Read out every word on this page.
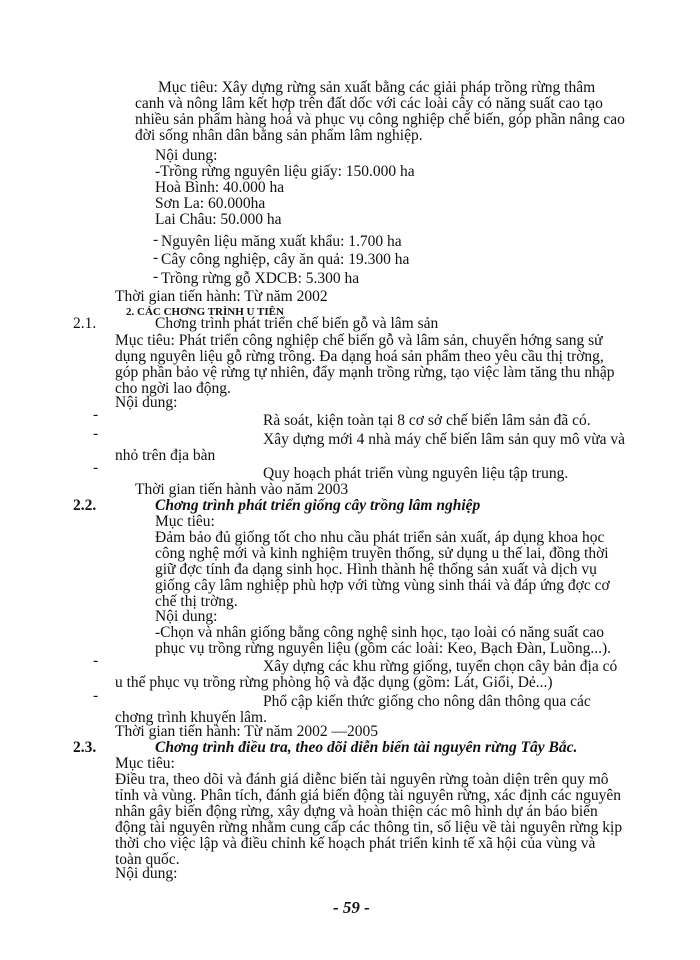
Mục tiêu: Xây dựng rừng sản xuất bằng các giải pháp trồng rừng thâm
canh và nông lâm kết hợp trên đất dốc với các loài cây có năng suất cao tạo
nhiều sản phẩm hàng hoá và phục vụ công nghiệp chế biến, góp phần nâng cao
đời sống nhân dân bằng sản phẩm lâm nghiệp.
Nội dung:
-Trồng rừng nguyên liệu giấy: 150.000 ha
Hoà Bình: 40.000 ha
Sơn La: 60.000ha
Lai Châu: 50.000 ha
- Nguyên liệu măng xuất khẩu: 1.700 ha
- Cây công nghiệp, cây ăn quả: 19.300 ha
- Trồng rừng gỗ XDCB: 5.300 ha
Thời gian tiến hành: Từ năm 2002
2. CÁC CHƠNG TRÌNH U TIÊN
2.1.	Chơng trình phát triển chế biến gỗ và lâm sản
Mục tiêu: Phát triển công nghiệp chế biến gỗ và lâm sản, chuyển hớng sang sử
dụng nguyên liệu gỗ rừng trồng. Đa dạng hoá sản phẩm theo yêu cầu thị trờng,
góp phần bảo vệ rừng tự nhiên, đẩy mạnh trồng rừng, tạo việc làm tăng thu nhập
cho ngời lao động.
Nội dung:
-	Rà soát, kiện toàn tại 8 cơ sở chế biến lâm sản đã có.
-	Xây dựng mới 4 nhà máy chế biến lâm sản quy mô vừa và
nhỏ trên địa bàn
-	Quy hoạch phát triển vùng nguyên liệu tập trung.
Thời gian tiến hành vào năm 2003
2.2.	Chơng trình phát triển giống cây trồng lâm nghiệp
Mục tiêu:
Đảm bảo đủ giống tốt cho nhu cầu phát triển sản xuất, áp dụng khoa học
công nghệ mới và kinh nghiệm truyền thống, sử dụng u thế lai, đồng thời
giữ đợc tính đa dạng sinh học. Hình thành hệ thống sản xuất và dịch vụ
giống cây lâm nghiệp phù hợp với từng vùng sinh thái và đáp ứng đợc cơ
chế thị trờng.
Nội dung:
-Chọn và nhân giống bằng công nghệ sinh học, tạo loài có năng suất cao
phục vụ trồng rừng nguyên liệu (gồm các loài: Keo, Bạch Đàn, Luồng...).
-	Xây dựng các khu rừng giống, tuyển chọn cây bản địa có
u thế phục vụ trồng rừng phòng hộ và đặc dụng (gồm: Lát, Giổi, Dẻ...)
-	Phổ cập kiến thức giống cho nông dân thông qua các
chơng trình khuyến lâm.
Thời gian tiến hành: Từ năm 2002 —2005
2.3.	Chơng trình điều tra, theo dõi diễn biến tài nguyên rừng Tây Bắc.
Mục tiêu:
Điều tra, theo dõi và đánh giá diễnc biến tài nguyên rừng toàn diện trên quy mô
tỉnh và vùng. Phân tích, đánh giá biến động tài nguyên rừng, xác định các nguyên
nhân gây biến động rừng, xây dựng và hoàn thiện các mô hình dự án báo biến
động tài nguyên rừng nhằm cung cấp các thông tin, số liệu về tài nguyên rừng kịp
thời cho việc lập và điều chỉnh kế hoạch phát triển kinh tế xã hội của vùng và
toàn quốc.
Nội dung:
- 59 -
